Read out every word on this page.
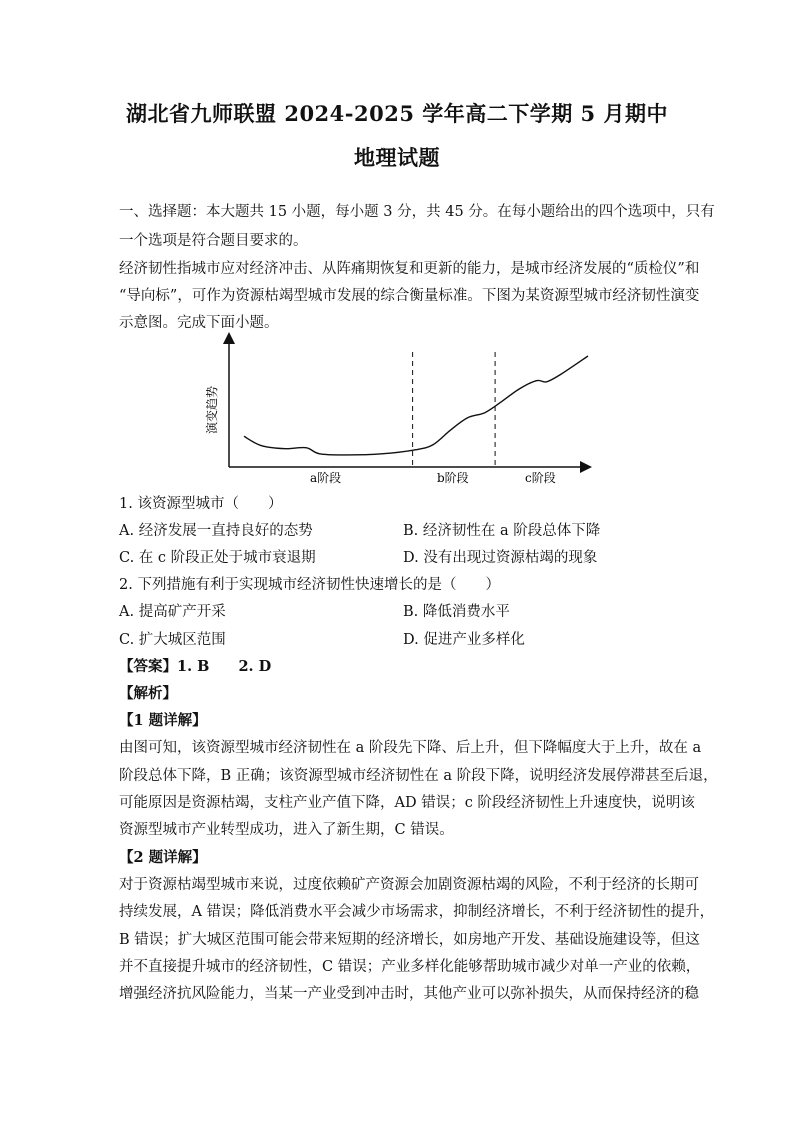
湖北省九师联盟 2024-2025 学年高二下学期 5 月期中
地理试题
一、选择题：本大题共 15 小题，每小题 3 分，共 45 分。在每小题给出的四个选项中，只有
一个选项是符合题目要求的。
经济韧性指城市应对经济冲击、从阵痛期恢复和更新的能力，是城市经济发展的“质检仪”和
“导向标”，可作为资源枯竭型城市发展的综合衡量标准。下图为某资源型城市经济韧性演变
示意图。完成下面小题。
演变趋势
a阶段	b阶段	c阶段
1. 该资源型城市（　　）
A. 经济发展一直持良好的态势	B. 经济韧性在 a 阶段总体下降
C. 在 c 阶段正处于城市衰退期	D. 没有出现过资源枯竭的现象
2. 下列措施有利于实现城市经济韧性快速增长的是（　　）
A. 提高矿产开采	B. 降低消费水平
C. 扩大城区范围	D. 促进产业多样化
【答案】1. B　　2. D
【解析】
【1 题详解】
由图可知，该资源型城市经济韧性在 a 阶段先下降、后上升，但下降幅度大于上升，故在 a
阶段总体下降，B 正确；该资源型城市经济韧性在 a 阶段下降，说明经济发展停滞甚至后退，
可能原因是资源枯竭，支柱产业产值下降，AD 错误；c 阶段经济韧性上升速度快，说明该
资源型城市产业转型成功，进入了新生期，C 错误。
【2 题详解】
对于资源枯竭型城市来说，过度依赖矿产资源会加剧资源枯竭的风险，不利于经济的长期可
持续发展，A 错误；降低消费水平会减少市场需求，抑制经济增长，不利于经济韧性的提升，
B 错误；扩大城区范围可能会带来短期的经济增长，如房地产开发、基础设施建设等，但这
并不直接提升城市的经济韧性，C 错误；产业多样化能够帮助城市减少对单一产业的依赖，
增强经济抗风险能力，当某一产业受到冲击时，其他产业可以弥补损失，从而保持经济的稳
